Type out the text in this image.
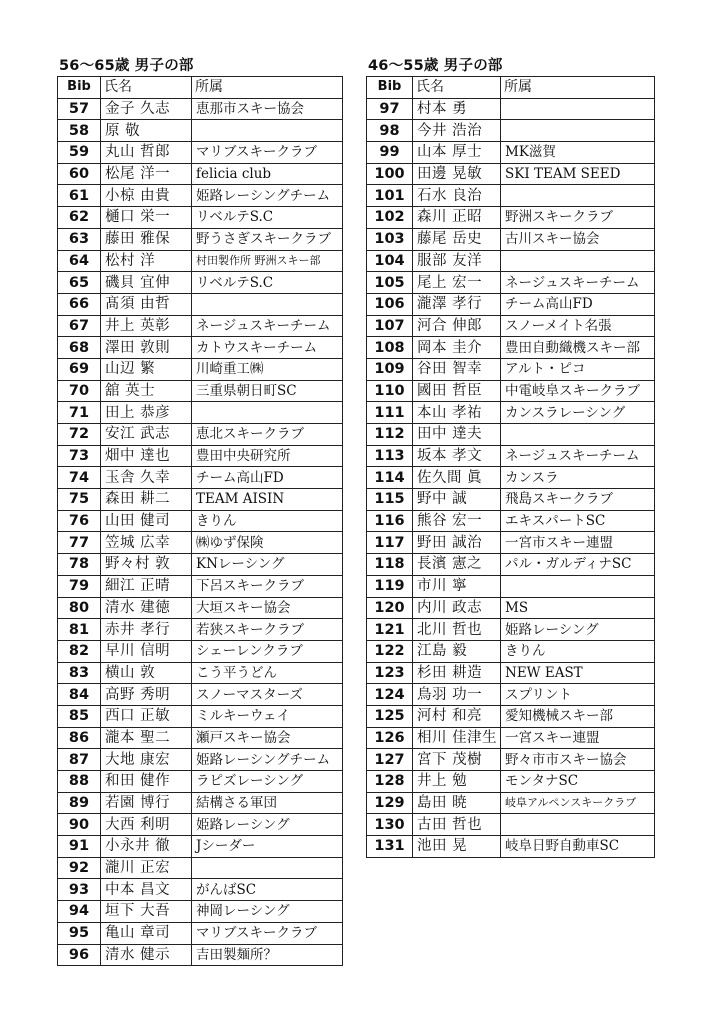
56～65歳 男子の部
Bib	氏名	所属
57	金子 久志	恵那市スキー協会
58	原 敬	
59	丸山 哲郎	マリブスキークラブ
60	松尾 洋一	felicia club
61	小椋 由貴	姫路レーシングチーム
62	樋口 栄一	リベルテS.C
63	藤田 雅保	野うさぎスキークラブ
64	松村 洋	村田製作所 野洲スキー部
65	磯貝 宜伸	リベルテS.C
66	髙須 由哲	
67	井上 英彰	ネージュスキーチーム
68	澤田 敦則	カトウスキーチーム
69	山辺 繁	川崎重工㈱
70	舘 英士	三重県朝日町SC
71	田上 恭彦	
72	安江 武志	恵北スキークラブ
73	畑中 達也	豊田中央研究所
74	玉舎 久幸	チーム高山FD
75	森田 耕二	TEAM AISIN
76	山田 健司	きりん
77	笠城 広幸	㈱ゆず保険
78	野々村 敦	KNレーシング
79	細江 正晴	下呂スキークラブ
80	清水 建徳	大垣スキー協会
81	赤井 孝行	若狭スキークラブ
82	早川 信明	シェーレンクラブ
83	横山 敦	こう平うどん
84	高野 秀明	スノーマスターズ
85	西口 正敏	ミルキーウェイ
86	瀧本 聖二	瀬戸スキー協会
87	大地 康宏	姫路レーシングチーム
88	和田 健作	ラピズレーシング
89	若園 博行	結構さる軍団
90	大西 利明	姫路レーシング
91	小永井 徹	Jシーダー
92	瀧川 正宏	
93	中本 昌文	がんばSC
94	垣下 大吾	神岡レーシング
95	亀山 章司	マリブスキークラブ
96	清水 健示	吉田製麺所？
46～55歳 男子の部
Bib	氏名	所属
97	村本 勇	
98	今井 浩治	
99	山本 厚士	MK滋賀
100	田邊 晃敏	SKI TEAM SEED
101	石水 良治	
102	森川 正昭	野洲スキークラブ
103	藤尾 岳史	古川スキー協会
104	服部 友洋	
105	尾上 宏一	ネージュスキーチーム
106	瀧澤 孝行	チーム高山FD
107	河合 伸郎	スノーメイト名張
108	岡本 圭介	豊田自動織機スキー部
109	谷田 智幸	アルト・ピコ
110	國田 哲臣	中電岐阜スキークラブ
111	本山 孝祐	カンスラレーシング
112	田中 達夫	
113	坂本 孝文	ネージュスキーチーム
114	佐久間 眞	カンスラ
115	野中 誠	飛島スキークラブ
116	熊谷 宏一	エキスパートSC
117	野田 誠治	一宮市スキー連盟
118	長濱 憲之	パル・ガルディナSC
119	市川 寧	
120	内川 政志	MS
121	北川 哲也	姫路レーシング
122	江島 毅	きりん
123	杉田 耕造	NEW EAST
124	鳥羽 功一	スプリント
125	河村 和亮	愛知機械スキー部
126	相川 佳津生	一宮スキー連盟
127	宮下 茂樹	野々市市スキー協会
128	井上 勉	モンタナSC
129	島田 暁	岐阜アルペンスキークラブ
130	古田 哲也	
131	池田 晃	岐阜日野自動車SC
